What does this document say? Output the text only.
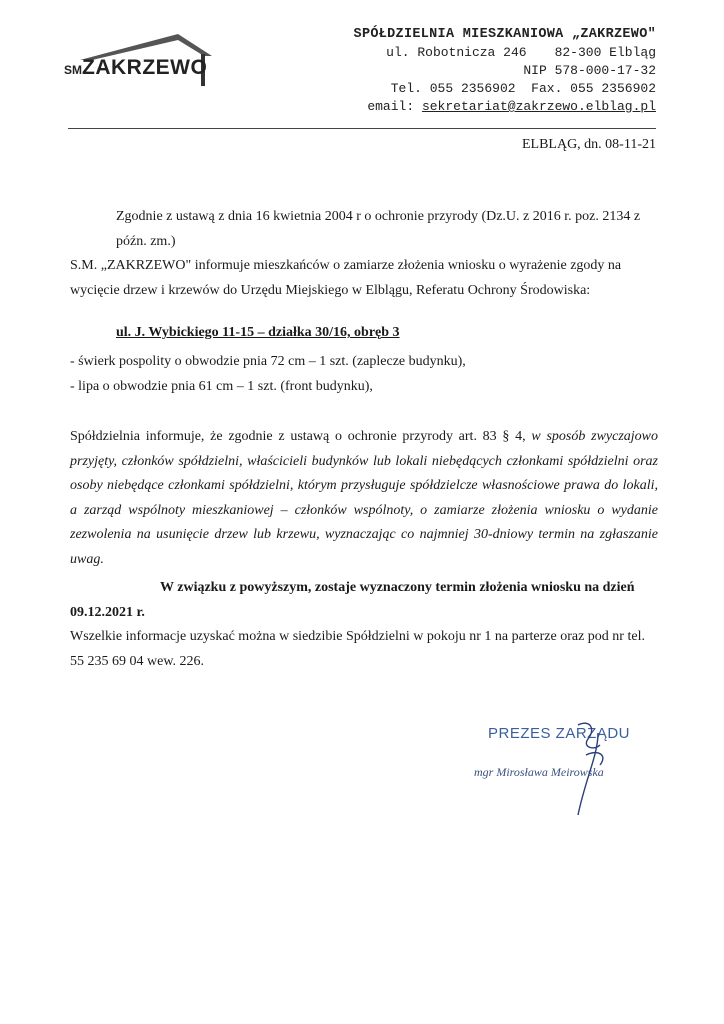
SMZAKRZEWO
SPÓŁDZIELNIA MIESZKANIOWA „ZAKRZEWO"
ul. Robotnicza 246 82-300 Elbląg
NIP 578-000-17-32
Tel. 055 2356902 Fax. 055 2356902
email: sekretariat@zakrzewo.elblag.pl
ELBLĄG, dn. 08-11-21
Zgodnie z ustawą z dnia 16 kwietnia 2004 r o ochronie przyrody (Dz.U. z 2016 r. poz. 2134 z późn. zm.)
S.M. „ZAKRZEWO" informuje mieszkańców o zamiarze złożenia wniosku o wyrażenie zgody na wycięcie drzew i krzewów do Urzędu Miejskiego w Elblągu, Referatu Ochrony Środowiska:
ul. J. Wybickiego 11-15 – działka 30/16, obręb 3
- świerk pospolity o obwodzie pnia 72 cm – 1 szt. (zaplecze budynku),
- lipa o obwodzie pnia 61 cm – 1 szt. (front budynku),
Spółdzielnia informuje, że zgodnie z ustawą o ochronie przyrody art. 83 § 4, w sposób zwyczajowo przyjęty, członków spółdzielni, właścicieli budynków lub lokali niebędących członkami spółdzielni oraz osoby niebędące członkami spółdzielni, którym przysługuje spółdzielcze własnościowe prawa do lokali, a zarząd wspólnoty mieszkaniowej – członków wspólnoty, o zamiarze złożenia wniosku o wydanie zezwolenia na usunięcie drzew lub krzewu, wyznaczając co najmniej 30-dniowy termin na zgłaszanie uwag.
W związku z powyższym, zostaje wyznaczony termin złożenia wniosku na dzień
09.12.2021 r.
Wszelkie informacje uzyskać można w siedzibie Spółdzielni w pokoju nr 1 na parterze oraz pod nr tel. 55 235 69 04 wew. 226.
PREZES ZARZĄDU
mgr Mirosława Meirowska
